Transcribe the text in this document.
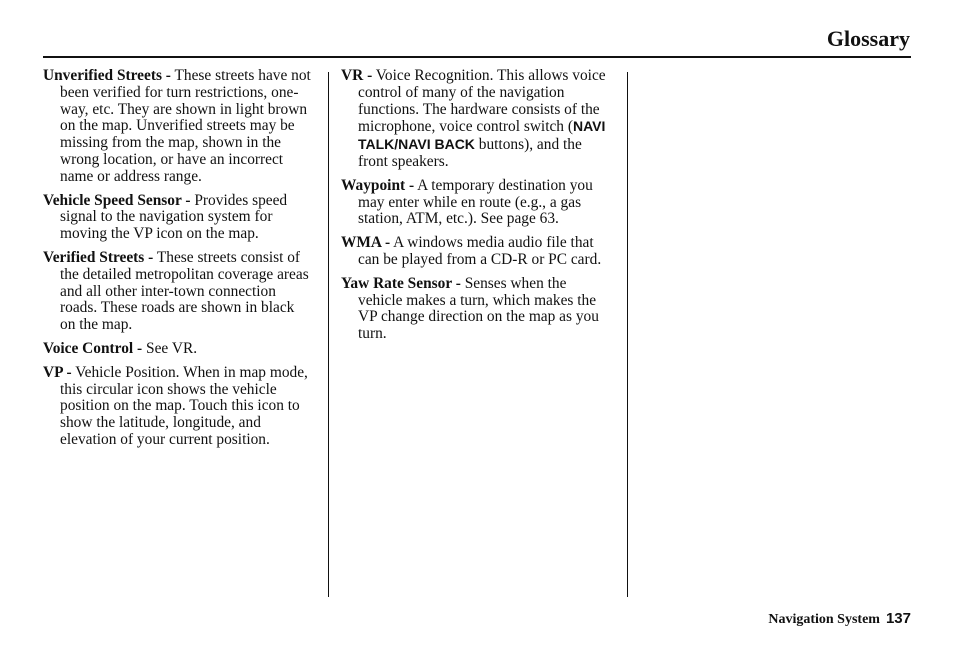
Glossary

Unverified Streets - These streets have not been verified for turn restrictions, one-way, etc. They are shown in light brown on the map. Unverified streets may be missing from the map, shown in the wrong location, or have an incorrect name or address range.

Vehicle Speed Sensor - Provides speed signal to the navigation system for moving the VP icon on the map.

Verified Streets - These streets consist of the detailed metropolitan coverage areas and all other inter-town connection roads. These roads are shown in black on the map.

Voice Control - See VR.

VP - Vehicle Position. When in map mode, this circular icon shows the vehicle position on the map. Touch this icon to show the latitude, longitude, and elevation of your current position.

VR - Voice Recognition. This allows voice control of many of the navigation functions. The hardware consists of the microphone, voice control switch (NAVI TALK/NAVI BACK buttons), and the front speakers.

Waypoint - A temporary destination you may enter while en route (e.g., a gas station, ATM, etc.). See page 63.

WMA - A windows media audio file that can be played from a CD-R or PC card.

Yaw Rate Sensor - Senses when the vehicle makes a turn, which makes the VP change direction on the map as you turn.

Navigation System 137
